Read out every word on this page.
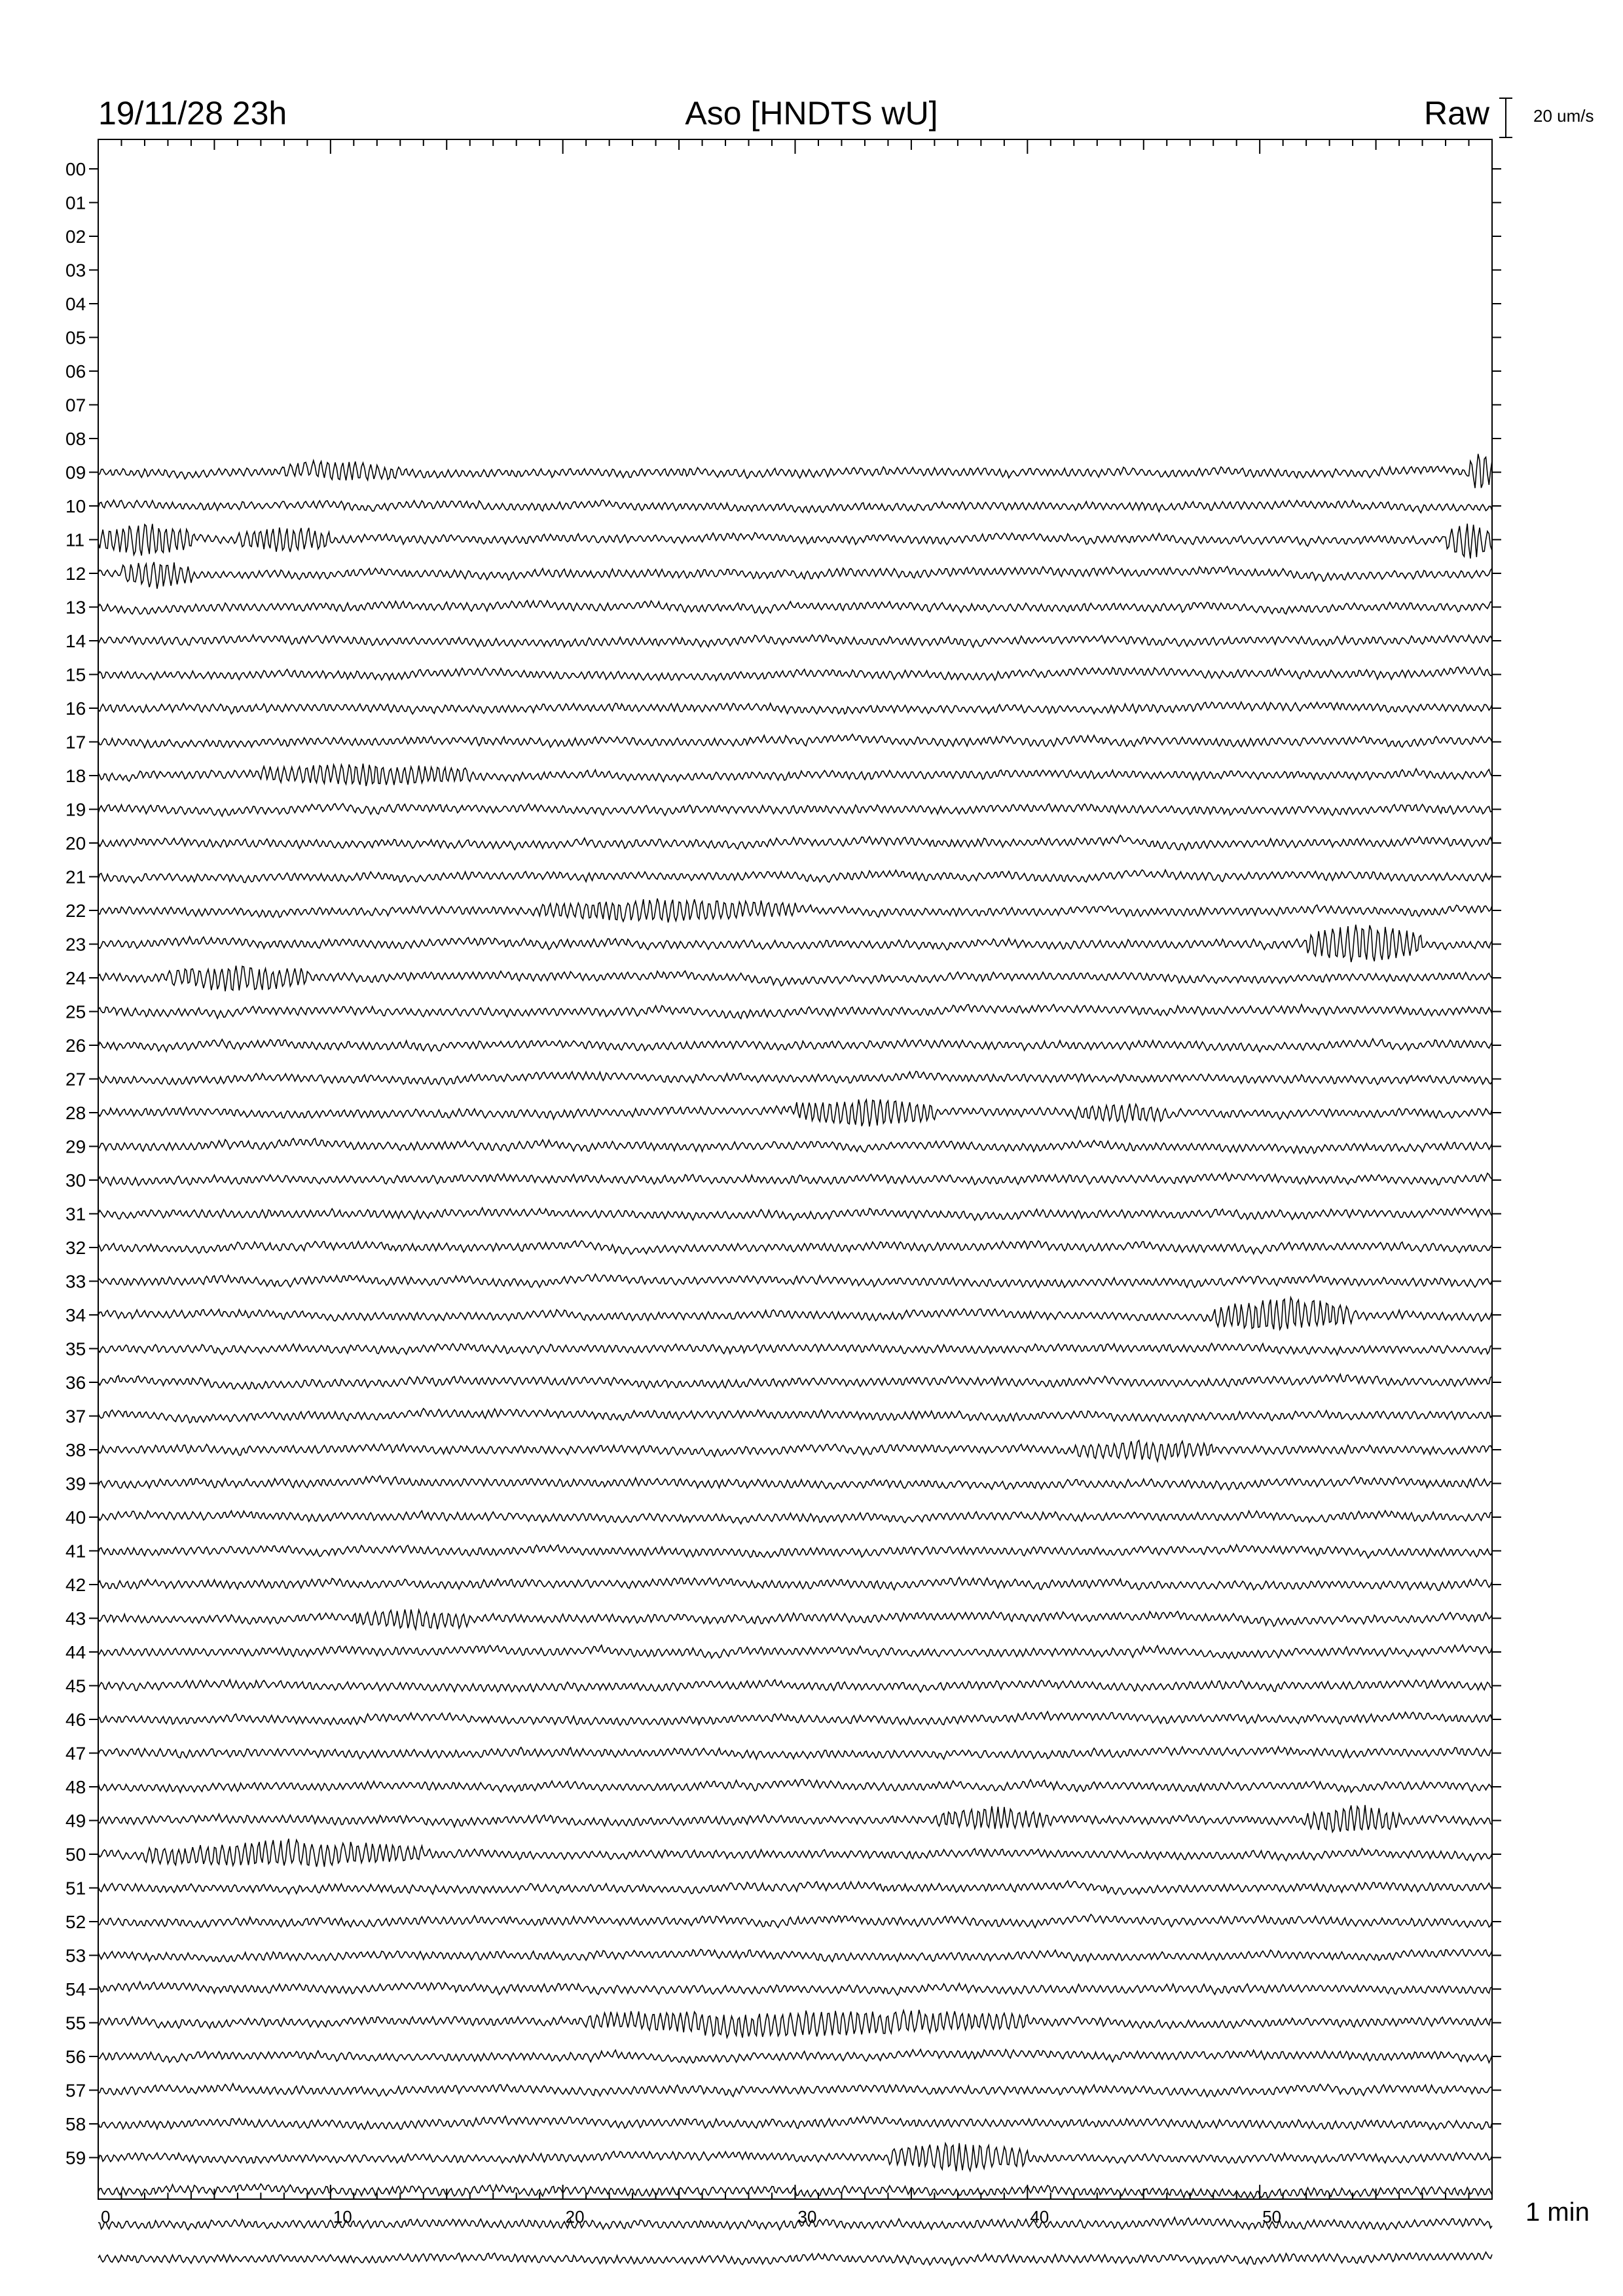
19/11/28 23h	Aso [HNDTS wU]	Raw	20 um/s
1 min
0	10	20	30	40	50
00
01
02
03
04
05
06
07
08
09
10
11
12
13
14
15
16
17
18
19
20
21
22
23
24
25
26
27
28
29
30
31
32
33
34
35
36
37
38
39
40
41
42
43
44
45
46
47
48
49
50
51
52
53
54
55
56
57
58
59
